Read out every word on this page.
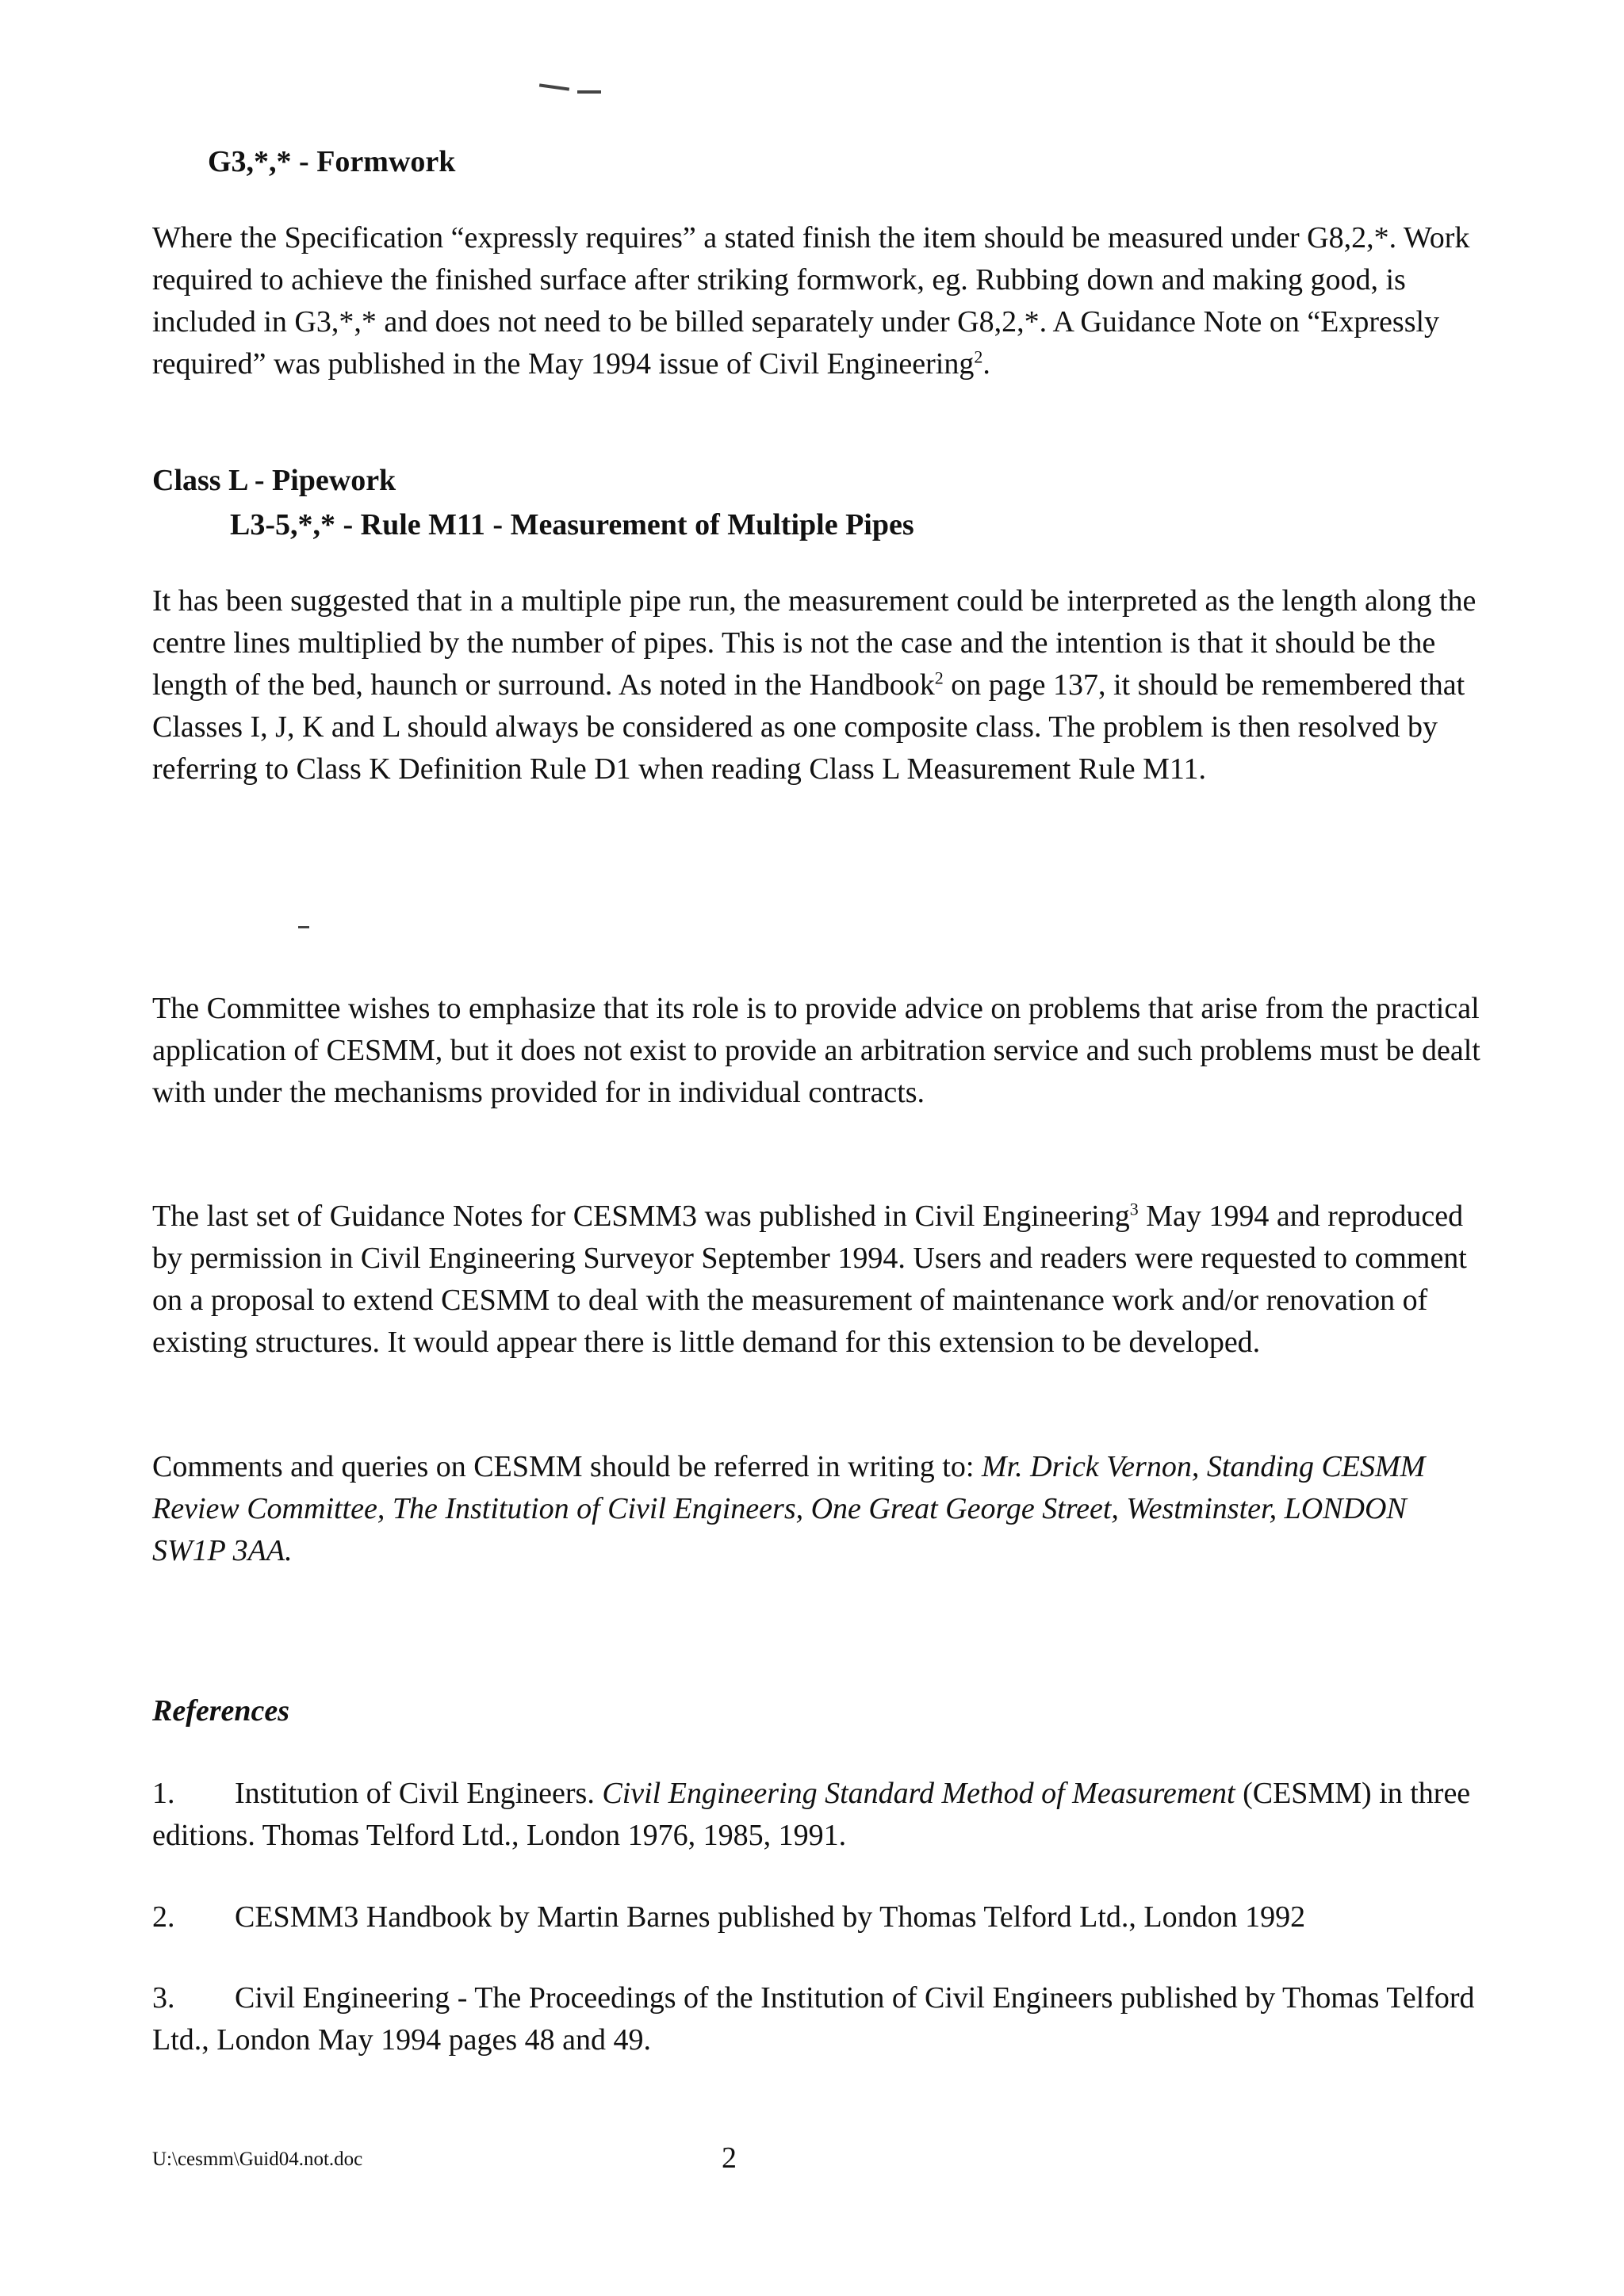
G3,*,* - Formwork
Where the Specification “expressly requires” a stated finish the item should be measured under G8,2,*. Work required to achieve the finished surface after striking formwork, eg. Rubbing down and making good, is included in G3,*,* and does not need to be billed separately under G8,2,*. A Guidance Note on “Expressly required” was published in the May 1994 issue of Civil Engineering$^2$.
Class L - Pipework
L3-5,*,* - Rule M11 - Measurement of Multiple Pipes
It has been suggested that in a multiple pipe run, the measurement could be interpreted as the length along the centre lines multiplied by the number of pipes. This is not the case and the intention is that it should be the length of the bed, haunch or surround. As noted in the Handbook$^2$ on page 137, it should be remembered that Classes I, J, K and L should always be considered as one composite class. The problem is then resolved by referring to Class K Definition Rule D1 when reading Class L Measurement Rule M11.
The Committee wishes to emphasize that its role is to provide advice on problems that arise from the practical application of CESMM, but it does not exist to provide an arbitration service and such problems must be dealt with under the mechanisms provided for in individual contracts.
The last set of Guidance Notes for CESMM3 was published in Civil Engineering$^3$ May 1994 and reproduced by permission in Civil Engineering Surveyor September 1994. Users and readers were requested to comment on a proposal to extend CESMM to deal with the measurement of maintenance work and/or renovation of existing structures. It would appear there is little demand for this extension to be developed.
Comments and queries on CESMM should be referred in writing to: Mr. Drick Vernon, Standing CESMM Review Committee, The Institution of Civil Engineers, One Great George Street, Westminster, LONDON SW1P 3AA.
References
1. Institution of Civil Engineers. Civil Engineering Standard Method of Measurement (CESMM) in three editions. Thomas Telford Ltd., London 1976, 1985, 1991.
2. CESMM3 Handbook by Martin Barnes published by Thomas Telford Ltd., London 1992
3. Civil Engineering - The Proceedings of the Institution of Civil Engineers published by Thomas Telford Ltd., London May 1994 pages 48 and 49.
U:\cesmm\Guid04.not.doc	2
